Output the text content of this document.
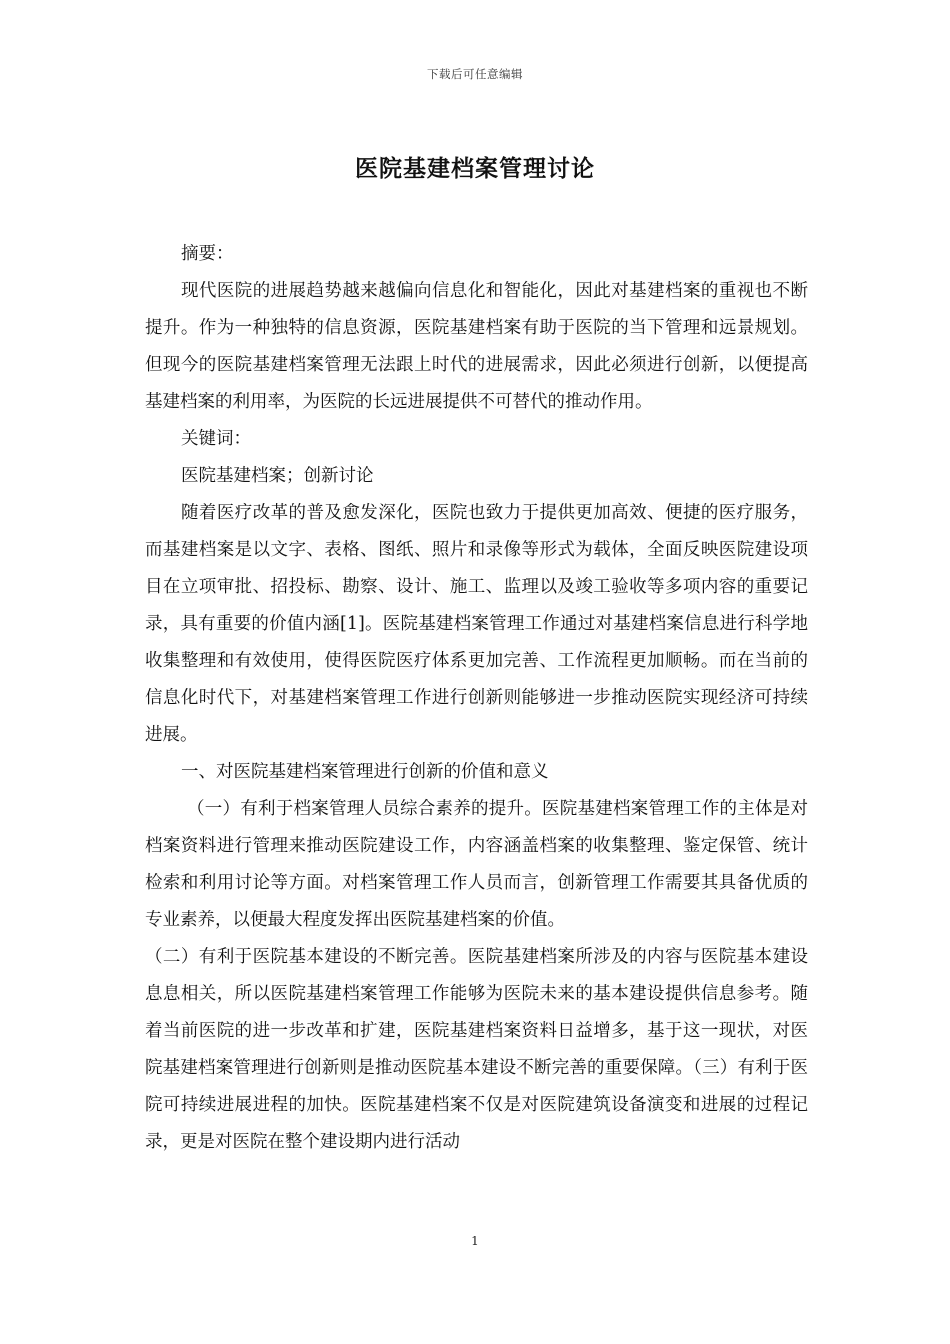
下载后可任意编辑
医院基建档案管理讨论

摘要：

现代医院的进展趋势越来越偏向信息化和智能化，因此对基建档案的重视也不断提升。作为一种独特的信息资源，医院基建档案有助于医院的当下管理和远景规划。但现今的医院基建档案管理无法跟上时代的进展需求，因此必须进行创新，以便提高基建档案的利用率，为医院的长远进展提供不可替代的推动作用。

关键词：

医院基建档案；创新讨论

随着医疗改革的普及愈发深化，医院也致力于提供更加高效、便捷的医疗服务，而基建档案是以文字、表格、图纸、照片和录像等形式为载体，全面反映医院建设项目在立项审批、招投标、勘察、设计、施工、监理以及竣工验收等多项内容的重要记录，具有重要的价值内涵[1]。医院基建档案管理工作通过对基建档案信息进行科学地收集整理和有效使用，使得医院医疗体系更加完善、工作流程更加顺畅。而在当前的信息化时代下，对基建档案管理工作进行创新则能够进一步推动医院实现经济可持续进展。

一、对医院基建档案管理进行创新的价值和意义

（一）有利于档案管理人员综合素养的提升。医院基建档案管理工作的主体是对档案资料进行管理来推动医院建设工作，内容涵盖档案的收集整理、鉴定保管、统计检索和利用讨论等方面。对档案管理工作人员而言，创新管理工作需要其具备优质的专业素养，以便最大程度发挥出医院基建档案的价值。

（二）有利于医院基本建设的不断完善。医院基建档案所涉及的内容与医院基本建设息息相关，所以医院基建档案管理工作能够为医院未来的基本建设提供信息参考。随着当前医院的进一步改革和扩建，医院基建档案资料日益增多，基于这一现状，对医院基建档案管理进行创新则是推动医院基本建设不断完善的重要保障。（三）有利于医院可持续进展进程的加快。医院基建档案不仅是对医院建筑设备演变和进展的过程记录，更是对医院在整个建设期内进行活动

1
